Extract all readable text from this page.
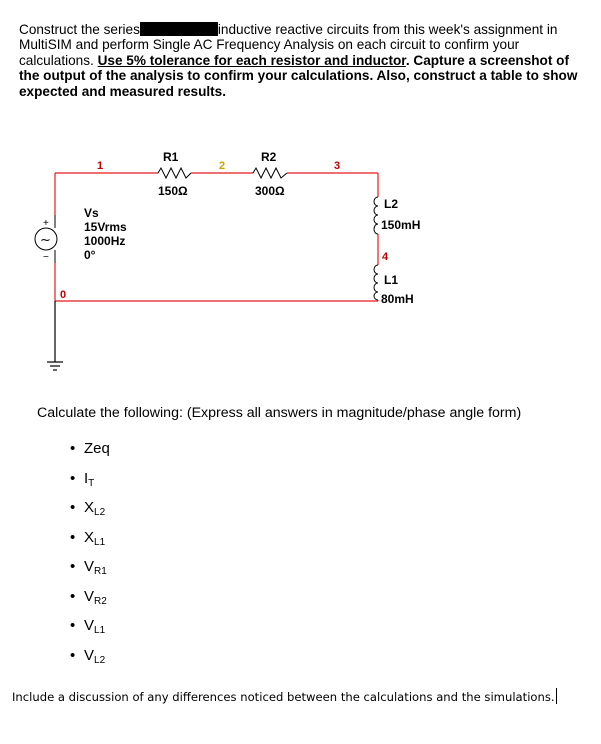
Construct the series	inductive reactive circuits from this week's assignment in MultiSIM and perform Single AC Frequency Analysis on each circuit to confirm your calculations. Use 5% tolerance for each resistor and inductor. Capture a screenshot of the output of the analysis to confirm your calculations. Also, construct a table to show expected and measured results.
+
~
−
Vs
15Vrms
1000Hz
0°
R1
150Ω
R2
300Ω
L2
150mH
L1
80mH
1	2	3
4
0
Calculate the following: (Express all answers in magnitude/phase angle form)
• Zeq
• $I_T$
• $X_{L2}$
• $X_{L1}$
• $V_{R1}$
• $V_{R2}$
• $V_{L1}$
• $V_{L2}$
Include a discussion of any differences noticed between the calculations and the simulations.
